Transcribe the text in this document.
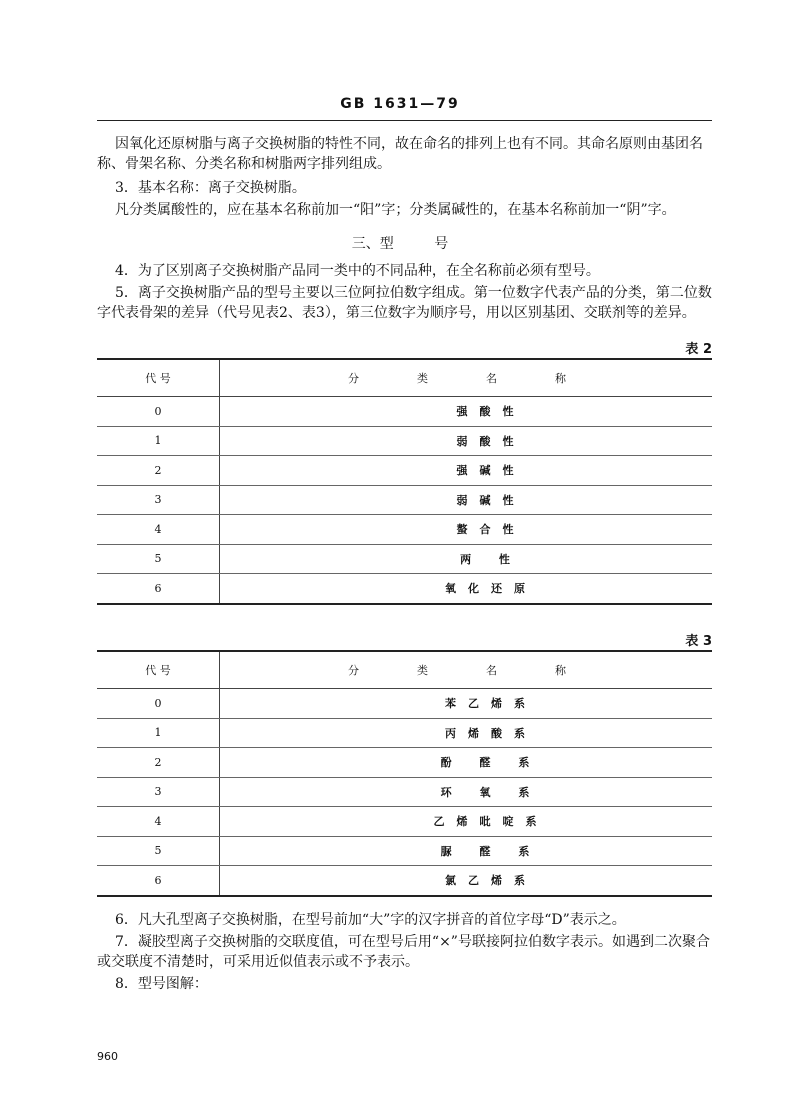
GB 1631—79

因氧化还原树脂与离子交换树脂的特性不同，故在命名的排列上也有不同。其命名原则由基团名称、骨架名称、分类名称和树脂两字排列组成。

3．基本名称：离子交换树脂。

凡分类属酸性的，应在基本名称前加一“阳”字；分类属碱性的，在基本名称前加一“阴”字。

三、型 号

4．为了区别离子交换树脂产品同一类中的不同品种，在全名称前必须有型号。

5．离子交换树脂产品的型号主要以三位阿拉伯数字组成。第一位数字代表产品的分类，第二位数字代表骨架的差异（代号见表2、表3），第三位数字为顺序号，用以区别基团、交联剂等的差异。

表 2
代 号	分类名称
0	强酸性
1	弱酸性
2	强碱性
3	弱碱性
4	螯合性
5	两 性
6	氧化还原
表 3
代 号	分类名称
0	苯乙烯系
1	丙烯酸系
2	酚 醛 系
3	环 氧 系
4	乙烯吡啶系
5	脲 醛 系
6	氯乙烯系

6．凡大孔型离子交换树脂，在型号前加“大”字的汉字拼音的首位字母“D”表示之。

7．凝胶型离子交换树脂的交联度值，可在型号后用“×”号联接阿拉伯数字表示。如遇到二次聚合或交联度不清楚时，可采用近似值表示或不予表示。

8．型号图解：

960
